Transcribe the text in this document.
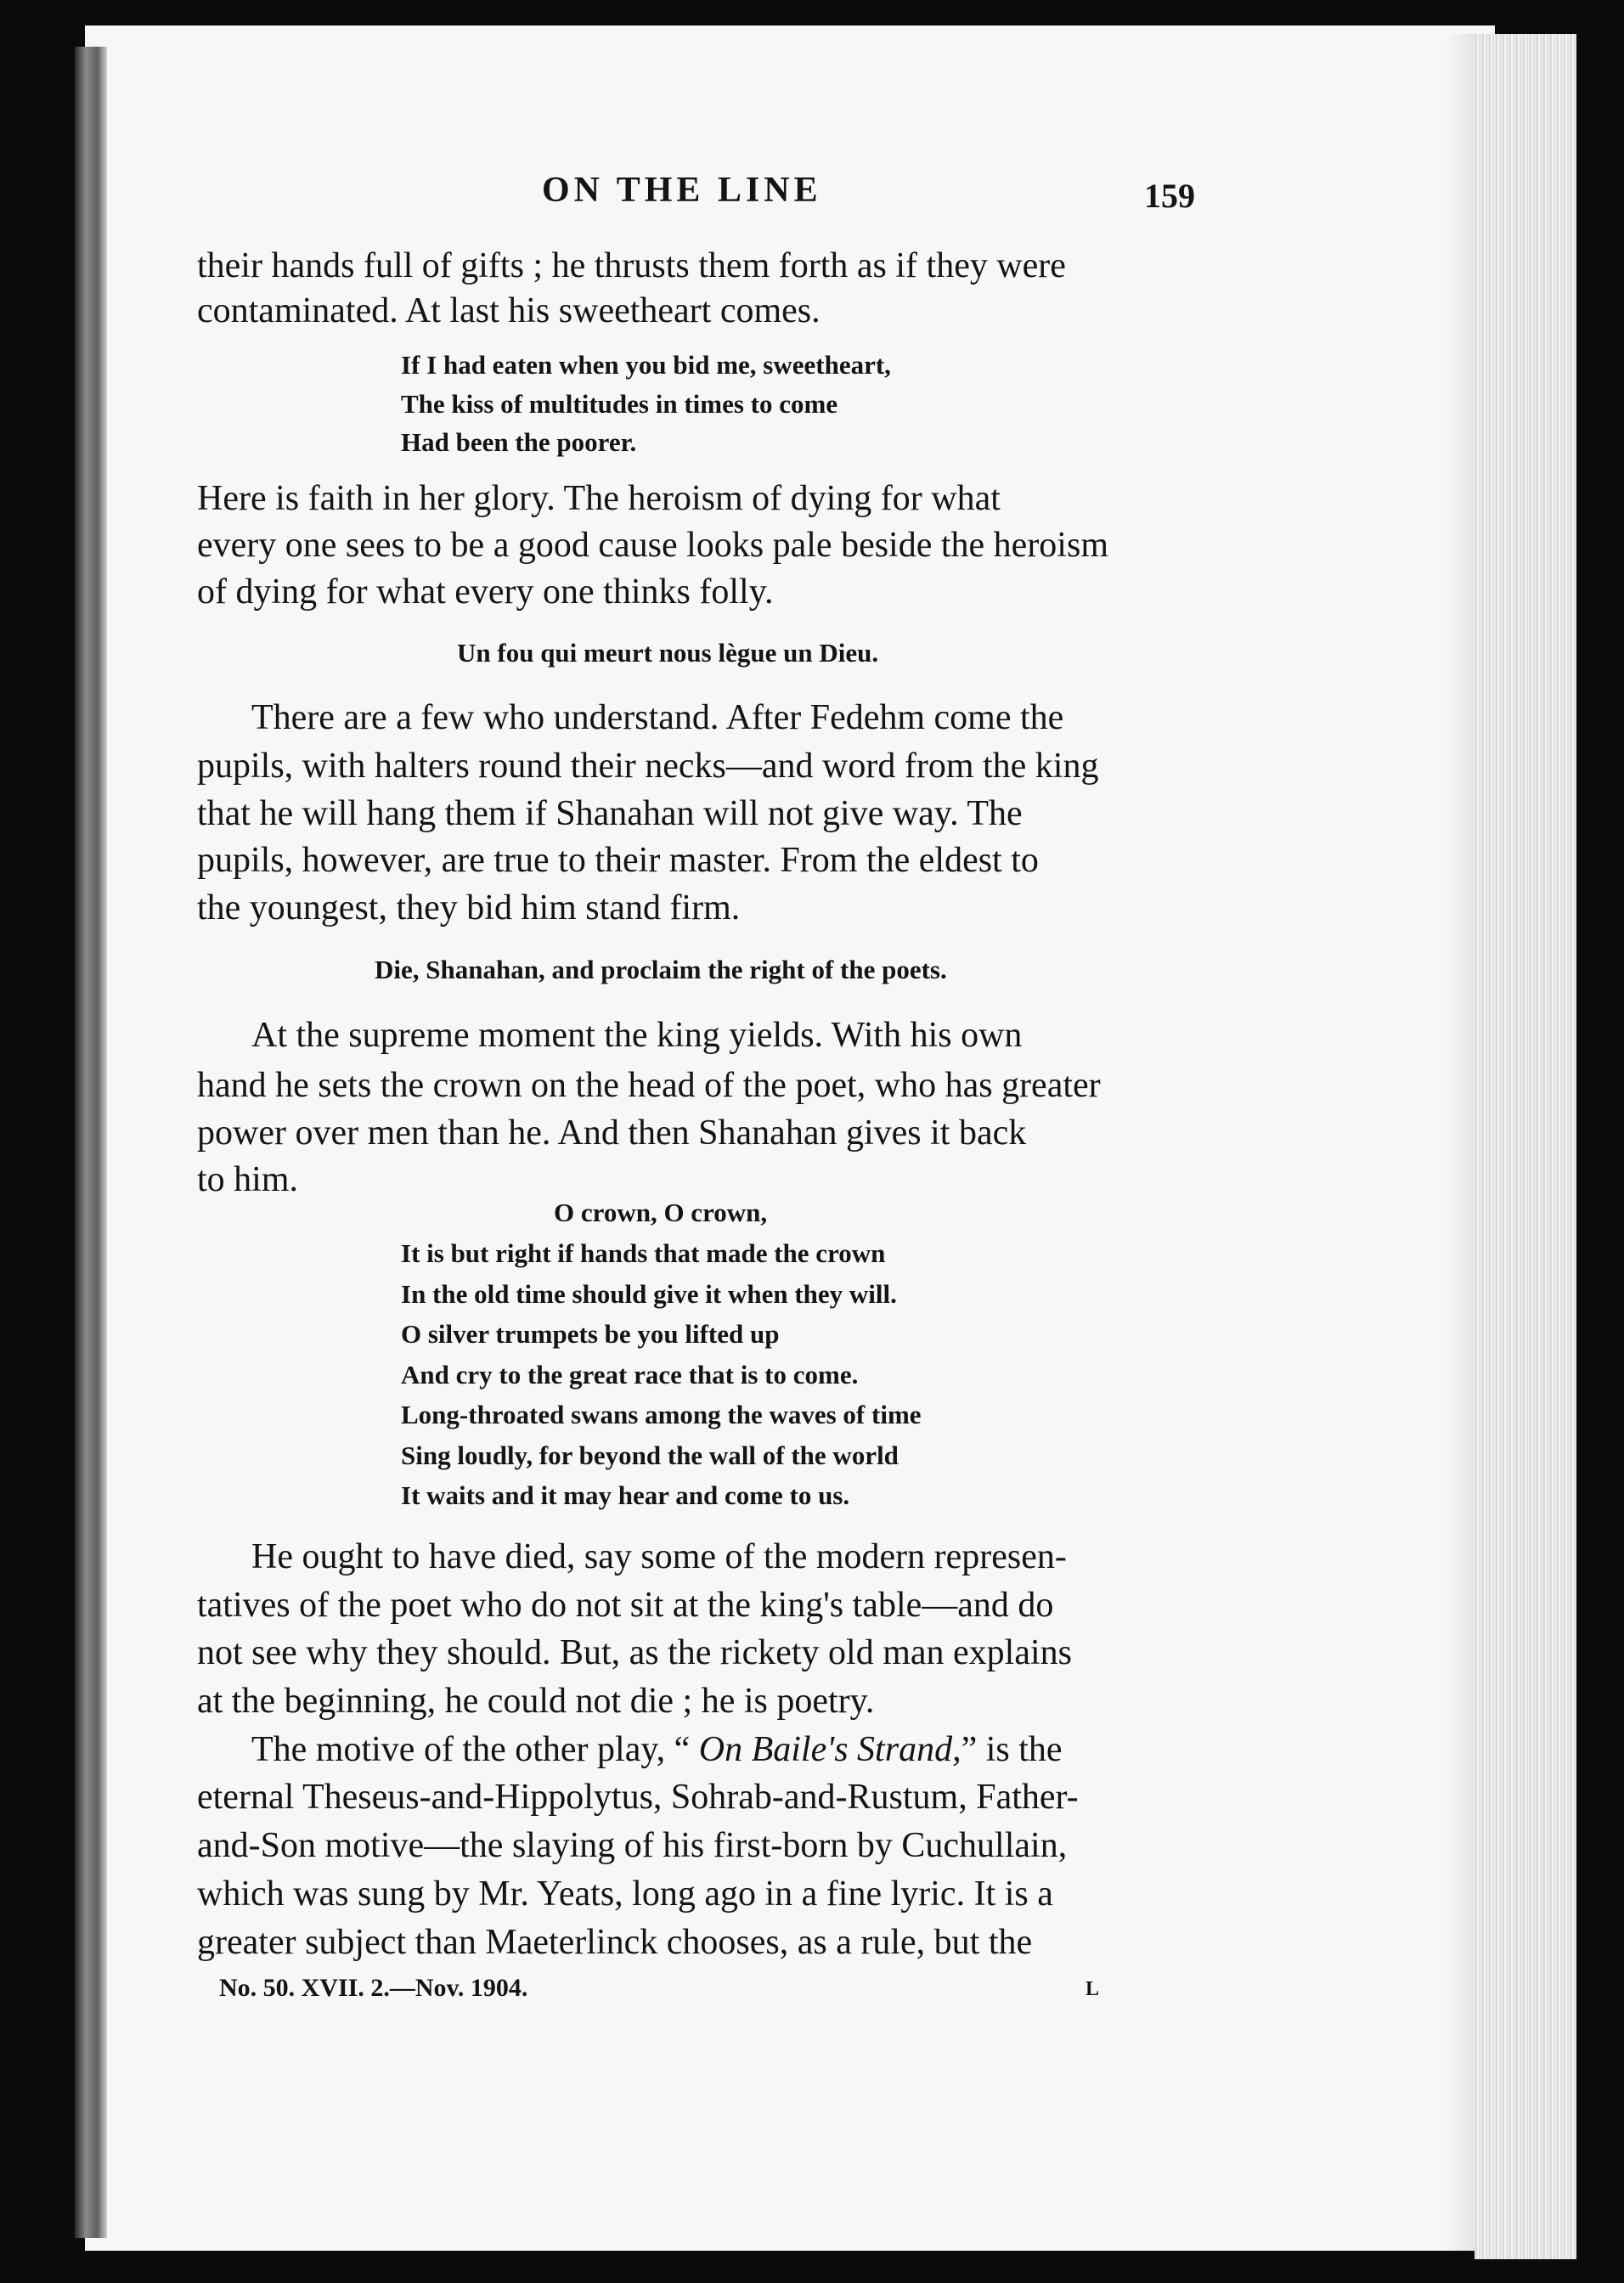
ON THE LINE	159
their hands full of gifts ; he thrusts them forth as if they were
contaminated. At last his sweetheart comes.
If I had eaten when you bid me, sweetheart,
The kiss of multitudes in times to come
Had been the poorer.
Here is faith in her glory. The heroism of dying for what
every one sees to be a good cause looks pale beside the heroism
of dying for what every one thinks folly.
Un fou qui meurt nous lègue un Dieu.
There are a few who understand. After Fedehm come the
pupils, with halters round their necks—and word from the king
that he will hang them if Shanahan will not give way. The
pupils, however, are true to their master. From the eldest to
the youngest, they bid him stand firm.
Die, Shanahan, and proclaim the right of the poets.
At the supreme moment the king yields. With his own
hand he sets the crown on the head of the poet, who has greater
power over men than he. And then Shanahan gives it back
to him.
O crown, O crown,
It is but right if hands that made the crown
In the old time should give it when they will.
O silver trumpets be you lifted up
And cry to the great race that is to come.
Long-throated swans among the waves of time
Sing loudly, for beyond the wall of the world
It waits and it may hear and come to us.
He ought to have died, say some of the modern represen-
tatives of the poet who do not sit at the king's table—and do
not see why they should. But, as the rickety old man explains
at the beginning, he could not die ; he is poetry.
The motive of the other play, “ On Baile's Strand,” is the
eternal Theseus-and-Hippolytus, Sohrab-and-Rustum, Father-
and-Son motive—the slaying of his first-born by Cuchullain,
which was sung by Mr. Yeats, long ago in a fine lyric. It is a
greater subject than Maeterlinck chooses, as a rule, but the
No. 50. XVII. 2.—Nov. 1904.	L
